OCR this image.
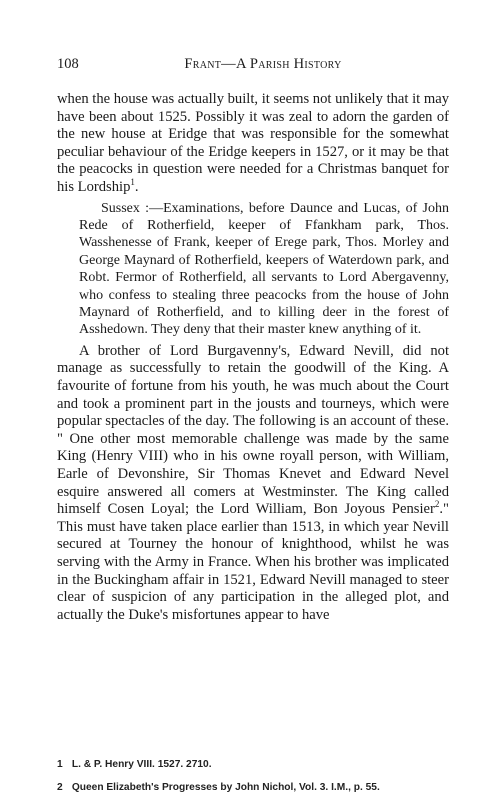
108	Frant—A Parish History

when the house was actually built, it seems not unlikely that it may have been about 1525. Possibly it was zeal to adorn the garden of the new house at Eridge that was responsible for the somewhat peculiar behaviour of the Eridge keepers in 1527, or it may be that the peacocks in question were needed for a Christmas banquet for his Lordship$^1$.

Sussex :—Examinations, before Daunce and Lucas, of John Rede of Rotherfield, keeper of Ffankham park, Thos. Wasshenesse of Frank, keeper of Erege park, Thos. Morley and George Maynard of Rotherfield, keepers of Waterdown park, and Robt. Fermor of Rotherfield, all servants to Lord Abergavenny, who confess to stealing three peacocks from the house of John Maynard of Rotherfield, and to killing deer in the forest of Asshedown. They deny that their master knew anything of it.

A brother of Lord Burgavenny's, Edward Nevill, did not manage as successfully to retain the goodwill of the King. A favourite of fortune from his youth, he was much about the Court and took a prominent part in the jousts and tourneys, which were popular spectacles of the day. The following is an account of these. " One other most memorable challenge was made by the same King (Henry VIII) who in his owne royall person, with William, Earle of Devonshire, Sir Thomas Knevet and Edward Nevel esquire answered all comers at Westminster. The King called himself Cosen Loyal; the Lord William, Bon Joyous Pensier$^2$." This must have taken place earlier than 1513, in which year Nevill secured at Tourney the honour of knighthood, whilst he was serving with the Army in France. When his brother was implicated in the Buckingham affair in 1521, Edward Nevill managed to steer clear of suspicion of any participation in the alleged plot, and actually the Duke's misfortunes appear to have

1 L. & P. Henry VIII. 1527. 2710.
2 Queen Elizabeth's Progresses by John Nichol, Vol. 3. I.M., p. 55.
